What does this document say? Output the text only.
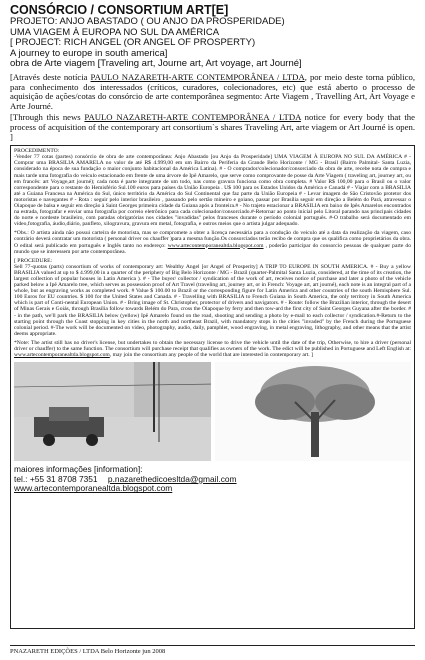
CONSÓRCIO / CONSORTIUM ART[E]
PROJETO: ANJO ABASTADO ( OU ANJO DA PROSPERIDADE)
UMA VIAGEM À EUROPA NO SUL DA AMÉRICA
[ PROJECT: RICH ANGEL (OR ANGEL OF PROSPERTY)
A journey to europe in south america]
obra de Arte viagem [Traveling art, Journe art, Art voyage, art Journé]
[Através deste notícia PAULO NAZARETH-ARTE CONTEMPORÂNEA / LTDA, por meio deste torna público, para conhecimento dos interessados (críticos, curadores, colecionadores, etc) que está aberto o processo de aquisição de ações/cotas do consórcio de arte contemporânea segmento: Arte Viagem , Travelling Art, Art Voyage e Arte Journé.
[Through this news PAULO NAZARETH-ARTE CONTEMPORÂNEA / LTDA notice for every body that the process of acquisition of the contemporary art consortium`s shares Traveling Art, arte viagem or Art Journé is open. ]

PROCEDIMENTO:

-Vender 77 cotas (partes) consórcio de obra de arte contemporânea: Anjo Abastado [ou Anjo da Prosperidade] UMA VIAGEM À EUROPA NO SUL DA AMÉRICA # - Comprar uma BRASILIA AMARELA no valor de até R$ 4.999,00 em um Bairro da Periferia da Grande Belo Horizonte / MG - Brasil (Bairro Palmital- Santa Luzia, considerado na época de sua fundação o maior conjunto habitacional da América Latina). # - O comprador/colecionador/consorciado da obra de arte, recebe nota de compra e mais tarde uma fotografia do veículo estacionado em frente de uma árvore de Ipê Amarelo, que serve como comprovante de posse da Arte Viagem ( traveling art, journey art, ou em francês: art Voyage,art journé); cada nota é parte integrante de um todo, nas como gravura funciona como obra completa. # Valor R$ 100,00 para o Brasil ou o valor correspondente para o restante do Hemisfério Sul.100 euros para países da União Europeia . U$ 100 para os Estados Unidos da América e Canadá # - Viajar com a BRASILIA até a Guiana Francesa na América do Sul, único território da América do Sul Continental que faz parte da União Europeia # - Levar imagem de São Cristovão protetor dos motoristas e navegantes # - Rota : seguir pelo interior brasileiro , passando pelo sertão mineiro e goiano, passar por Brasília seguir em direção a Belém do Pará, atravessar o Oiapoque de balsa e seguir em direção à Saint Georges primeira cidade da Guiana após a fronteira.# - No trajeto estacionar a BRASILIA em baixo de Ipês Amarelos encontrados na estrada, fotografar e enviar uma fotografia por correio eletrônico para cada colecionador/consorciado.#-Retornar ao ponto inicial pelo Litoral parando nas principais cidades do norte e nordeste brasileiro, com paradas obrigatórias nos cidades "invadidas" pelos franceses durante o período colonial português. #-O trabalho será documentado em vídeo,fotografia, áudio,diário, panfleto, xilogravura, gravura em metal, fotografia, e outros meios que o artista julgar adequado.

*Obs.: O artista ainda não possui carteira de motorista, mas se compromete a obter a licença necessária para a condução do veículo até a data da realização da viagem, caso contrário deverá contratar um motorista ( personal driver ou chauffer )para a mesma função.Os consorciados terão recibo de compra que os qualifica como proprietários da obra. O edital será publicado em português e Inglês tanto no endereço: www.artecontemporanealtda.blogspot.com , poderão participar do consorcio pessoas de qualquer parte do mundo que se interessem por arte contemporânea.

[ PROCEDURE:

Sell 77-quotas (parts) consortium of works of contemporary art: Wealthy Angel [or Angel of Prosperity] A TRIP TO EUROPE IN SOUTH AMERICA. # - Buy a yellow BRASILIA valued at up to $ 4.999,00 in a quarter of the periphery of Big Belo Horizonte / MG - Brazil (quarter-Palmital Santa Luzia, considered, at the time of its creation, the largest collection of popular houses in Latin America ). # - The buyer/ collector / syndication of the work of art, receives notice of purchase and later a photo of the vehicle parked below a Ipê Amarelo tree, which serves as possession proof of Art Travel (traveling art, journey art, or in French: Voyage art, art journé), each note is an integral part of a whole, but as engraving works as completed work. # Value $ 100.00 to Brazil or the corresponding figure for Latin America and other countries of the south Hemisphere Sul. 100 Euros for EU countries. $ 100 for the United States and Canada. # - Travelling with BRASILIA to French Guiana in South America, the only territory in South America which is part of Conti-nental European Union. # - Bring image of St. Christopher, protector of drivers and navigators. # - Route: follow the Brazilian interior, through the desert of Minas Gerais e Goiás, through Brasília follow towards Belém do Para, cross the Oiapoque by ferry and then tow-ard the first city of Saint Georges Guyana after the border. # - in the path, we'll park the BRASILIA below (yellow) Ipê Amarelo found on the road, shooting and sending a photo by e-mail to each collector / syndication.#-Return to the starting point through the Coast stopping in key cities in the north and northeast Brazil, with mandatory stops in the cities "invaded" by the French during the Portuguese colonial period. #-The work will be documented on video, photography, audio, daily, pamphlet, wood engraving, in metal engraving, lithography, and other means that the artist deems appropriate.

*Note: The artist still has no driver's license, but undertakes to obtain the necessary license to drive the vehicle until the date of the trip, Otherwise, to hire a driver (personal driver or chauffer) to the same function. The consortium will purchase receipt that qualifies as owners of the work. The edict will be published in Portuguese and Left English at: www.artecontemporanealtda.blogspot.com, may join the consortium any people of the world that are interested in contemporary art. ]

maiores informações [information]:
tel.: +55 31 8708 7351 p.nazarethedicoesltda@gmail.com www.artecontemporanealtda.blogspot.com
PNAZARETH EDIÇÕES / LTDA Belo Horizonte jun 2008
